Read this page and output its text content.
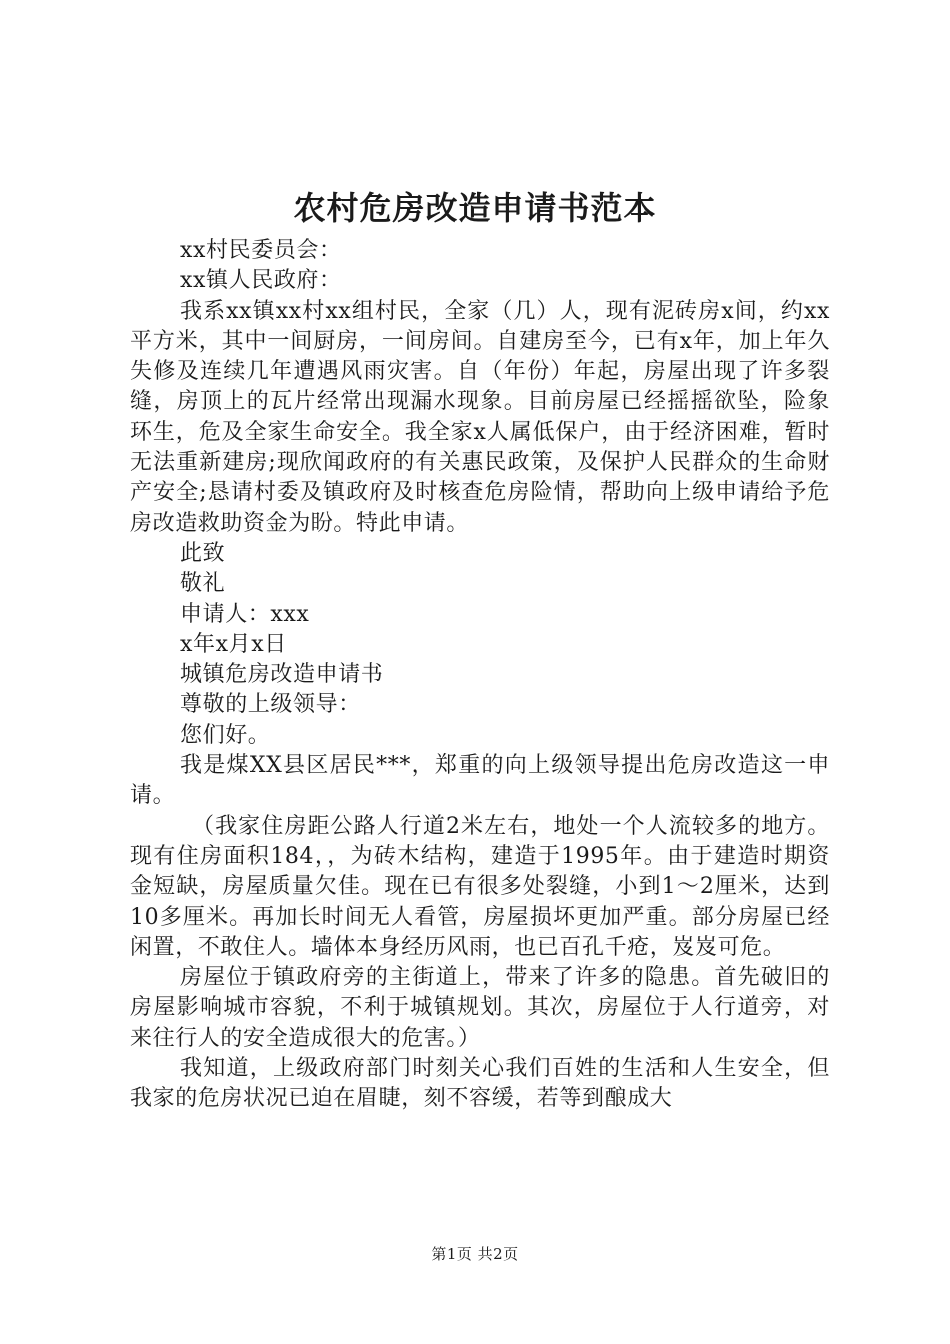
农村危房改造申请书范本

xx村民委员会：

xx镇人民政府：

我系xx镇xx村xx组村民，全家（几）人，现有泥砖房x间，约xx平方米，其中一间厨房，一间房间。自建房至今，已有x年，加上年久失修及连续几年遭遇风雨灾害。自（年份）年起，房屋出现了许多裂缝，房顶上的瓦片经常出现漏水现象。目前房屋已经摇摇欲坠，险象环生，危及全家生命安全。我全家x人属低保户，由于经济困难，暂时无法重新建房;现欣闻政府的有关惠民政策，及保护人民群众的生命财产安全;恳请村委及镇政府及时核查危房险情，帮助向上级申请给予危房改造救助资金为盼。特此申请。

此致

敬礼

申请人：xxx

x年x月x日

城镇危房改造申请书

尊敬的上级领导：

您们好。

我是煤XX县区居民***，郑重的向上级领导提出危房改造这一申请。

（我家住房距公路人行道2米左右，地处一个人流较多的地方。现有住房面积184，，为砖木结构，建造于1995年。由于建造时期资金短缺，房屋质量欠佳。现在已有很多处裂缝，小到1～2厘米，达到10多厘米。再加长时间无人看管，房屋损坏更加严重。部分房屋已经闲置，不敢住人。墙体本身经历风雨，也已百孔千疮，岌岌可危。

房屋位于镇政府旁的主街道上，带来了许多的隐患。首先破旧的房屋影响城市容貌，不利于城镇规划。其次，房屋位于人行道旁，对来往行人的安全造成很大的危害。）

我知道，上级政府部门时刻关心我们百姓的生活和人生安全，但我家的危房状况已迫在眉睫，刻不容缓，若等到酿成大

第1页 共2页
